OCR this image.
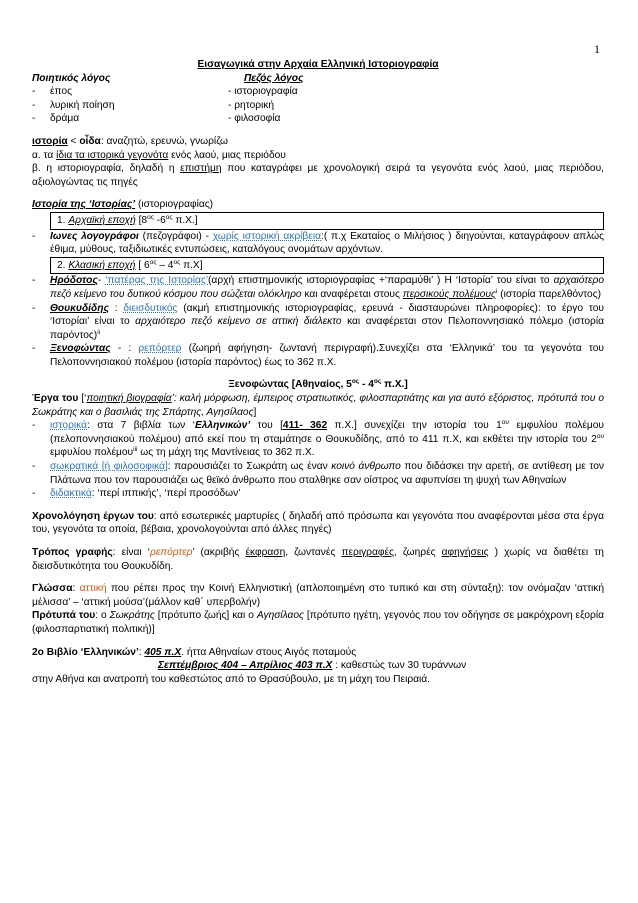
1

Εισαγωγικά στην Αρχαία Ελληνική Ιστοριογραφία

Ποιητικός λόγος	Πεζός λόγος

- έπος	- ιστοριογραφία

- λυρική ποίηση	- ρητορική

- δράμα	- φιλοσοφία

ιστορία < οἶδα: αναζητώ, ερευνώ, γνωρίζω

α. τα ίδια τα ιστορικά γεγονότα ενός λαού, μιας περιόδου

β. η ιστοριογραφία, δηλαδή η επιστήμη που καταγράφει με χρονολογική σειρά τα γεγονότα ενός λαού, μιας περιόδου, αξιολογώντας τις πηγές

Ιστορία της ‘Ιστορίας’ (ιστοριογραφίας)

1. Αρχαϊκή εποχή [$8^{o\varsigma}$ $-6^{o\varsigma}$ π.Χ.]

- Ιωνες λογογράφοι (πεζογράφοι) - χωρίς ιστορική ακρίβεια:( π.χ Εκαταίος ο Μιλήσιος ) διηγούνται, καταγράφουν απλώς έθιμα, μύθους, ταξιδιωτικές εντυπώσεις, καταλόγους ονομάτων αρχόντων.

2. Κλασική εποχή [ $6^{o\varsigma} - 4^{o\varsigma}$ π.Χ]

- Ηρόδοτος- ‘πατέρας της Ιστορίας’(αρχή επιστημονικής ιστοριογραφίας +‘παραμύθι’ ) Η ‘Ιστορία’ του είναι το αρχαιότερο πεζό κείμενο του δυτικού κόσμου που σώζεται ολόκληρο και αναφέρεται στους περσικούς πολέμους$^i$ (ιστορία παρελθόντος)

- Θουκυδίδης : διεισδυτικός (ακμή επιστημονικής ιστοριογραφίας, ερευνά - διασταυρώνει πληροφορίες): το έργο του ‘Ιστορίαι’ είναι το αρχαιότερο πεζό κείμενο σε αττική διάλεκτο και αναφέρεται στον Πελοποννησιακό πόλεμο (ιστορία παρόντος)$^{ii}$

- Ξενοφώντας - : ρεπόρτερ (ζωηρή αφήγηση- ζωντανή περιγραφή).Συνεχίζει στα ‘Ελληνικά’ του τα γεγονότα του Πελοποννησιακού πολέμου (ιστορία παρόντος) έως το 362 π.Χ.

Ξενοφώντας [Αθηναίος, $5^{o\varsigma} - 4^{o\varsigma}$ π.Χ.]

Έργα του [‘ποιητική βιογραφία’: καλή μόρφωση, έμπειρος στρατιωτικός, φιλοσπαρτιάτης και για αυτό εξόριστος, πρότυπά του ο Σωκράτης και ο βασιλιάς της Σπάρτης, Αγησίλαος]

- ιστορικά: στα 7 βιβλία των ‘Ελληνικών’ του [411- 362 π.Χ.] συνεχίζει την ιστορία του $1^{o\upsilon}$ εμφυλίου πολέμου (πελοποννησιακού πολέμου) από εκεί που τη σταμάτησε ο Θουκυδίδης, από το 411 π.Χ, και εκθέτει την ιστορία του $2^{o\upsilon}$ εμφυλίου πολέμου$^{iii}$ ως τη μάχη της Μαντίνειας το 362 π.Χ.

- σωκρατικά [ή φιλοσοφικά]: παρουσιάζει το Σωκράτη ως έναν κοινό άνθρωπο που διδάσκει την αρετή, σε αντίθεση με τον Πλάτωνα που τον παρουσιάζει ως θεϊκό άνθρωπο που σταλθηκε σαν οίστρος να αφυπνίσει τη ψυχή των Αθηναίων

- διδακτικά: ‘περί ιππικής’, ‘περί προσόδων’

Χρονολόγηση έργων του: από εσωτερικές μαρτυρίες ( δηλαδή από πρόσωπα και γεγονότα που αναφέρονται μέσα στα έργα του, γεγονότα τα οποία, βέβαια, χρονολογούνται από άλλες πηγές)

Τρόπος γραφής: είναι ‘ρεπόρτερ’ (ακριβής έκφραση, ζωντανές περιγραφές, ζωηρές αφηγήσεις ) χωρίς να διαθέτει τη διεισδυτικότητα του Θουκυδίδη.

Γλώσσα: αττική που ρέπει προς την Κοινή Ελληνιστική (απλοποιημένη στο τυπικό και στη σύνταξη): τον ονόμαζαν ‘αττική μέλισσα’ – ‘αττική μούσα’(μάλλον καθ΄ υπερβολήν)

Πρότυπά του: ο Σωκράτης [πρότυπο ζωής] και ο Αγησίλαος [πρότυπο ηγέτη, γεγονός που τον οδήγησε σε μακρόχρονη εξορία (φιλοσπαρτιατική πολιτική)]

2ο Βιβλίο ‘Ελληνικών’: 405 π.Χ. ήττα Αθηναίων στους Αιγός ποταμούς

Σεπτέμβριος 404 – Απρίλιος 403 π.Χ : καθεστώς των 30 τυράννων

στην Αθήνα και ανατροπή του καθεστώτος από το Θρασύβουλο, με τη μάχη του Πειραιά.
